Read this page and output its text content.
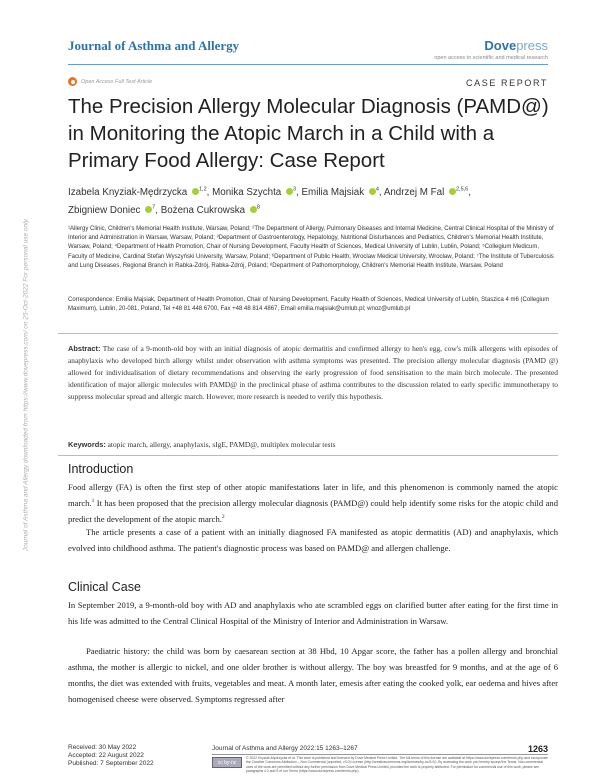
Journal of Asthma and Allergy	Dovepress
open access to scientific and medical research
Open Access Full Text Article	CASE REPORT
The Precision Allergy Molecular Diagnosis (PAMD@) in Monitoring the Atopic March in a Child with a Primary Food Allergy: Case Report
Izabela Knyziak-Mędrzycka $^{1,2}$, Monika Szychta $^3$, Emilia Majsiak $^4$, Andrzej M Fal $^{2,5,6}$,
Zbigniew Doniec $^7$, Bożena Cukrowska $^8$
¹Allergy Clinic, Children's Memorial Health Institute, Warsaw, Poland; ²The Department of Allergy, Pulmonary Diseases and Internal Medicine, Central Clinical Hospital of the Ministry of Interior and Administration in Warsaw, Warsaw, Poland; ³Department of Gastroenterology, Hepatology, Nutritional Disturbances and Pediatrics, Children's Memorial Health Institute, Warsaw, Poland; ⁴Department of Health Promotion, Chair of Nursing Development, Faculty Health of Sciences, Medical University of Lublin, Lublin, Poland; ⁵Collegium Medicum, Faculty of Medicine, Cardinal Stefan Wyszyński University, Warsaw, Poland; ⁶Department of Public Health, Wroclaw Medical University, Wrocław, Poland; ⁷The Institute of Tuberculosis and Lung Diseases, Regional Branch in Rabka-Zdrój, Rabka-Zdrój, Poland; ⁸Department of Pathomorphology, Children's Memorial Health Institute, Warsaw, Poland
Correspondence: Emilia Majsiak, Department of Health Promotion, Chair of Nursing Development, Faculty Health of Sciences, Medical University of Lublin, Staszica 4 m6 (Collegium Maximum), Lublin, 20-081, Poland, Tel +48 81 448 6700, Fax +48 48 814 4867, Email emilia.majsiak@umlub.pl; wnoz@umlub.pl
Abstract: The case of a 9-month-old boy with an initial diagnosis of atopic dermatitis and confirmed allergy to hen's egg, cow's milk allergens with episodes of anaphylaxis who developed birch allergy whilst under observation with asthma symptoms was presented. The precision allergy molecular diagnosis (PAMD @) allowed for individualisation of dietary recommendations and observing the early progression of food sensitisation to the main birch molecule. The presented identification of major allergic molecules with PAMD@ in the preclinical phase of asthma contributes to the discussion related to early specific immunotherapy to suppress molecular spread and allergic march. However, more research is needed to verify this hypothesis.
Keywords: atopic march, allergy, anaphylaxis, sIgE, PAMD@, multiplex molecular tests
Introduction

Food allergy (FA) is often the first step of other atopic manifestations later in life, and this phenomenon is commonly named the atopic march.$^1$ It has been proposed that the precision allergy molecular diagnosis (PAMD@) could help identify some risks for the atopic child and predict the development of the atopic march.$^2$

The article presents a case of a patient with an initially diagnosed FA manifested as atopic dermatitis (AD) and anaphylaxis, which evolved into childhood asthma. The patient's diagnostic process was based on PAMD@ and allergen challenge.

Clinical Case

In September 2019, a 9-month-old boy with AD and anaphylaxis who ate scrambled eggs on clarified butter after eating for the first time in his life was admitted to the Central Clinical Hospital of the Ministry of Interior and Administration in Warsaw.

Paediatric history: the child was born by caesarean section at 38 Hbd, 10 Apgar score, the father has a pollen allergy and bronchial asthma, the mother is allergic to nickel, and one older brother is without allergy. The boy was breastfed for 9 months, and at the age of 6 months, the diet was extended with fruits, vegetables and meat. A month later, emesis after eating the cooked yolk, ear oedema and hives after homogenised cheese were observed. Symptoms regressed after

Journal of Asthma and Allergy downloaded from https://www.dovepress.com/ on 25-Oct-2022 For personal use only.
Received: 30 May 2022
Accepted: 22 August 2022
Published: 7 September 2022
Journal of Asthma and Allergy 2022:15 1263–1267	1263
cc by-nc
© 2022 Knyziak-Mędrzycka et al. This work is published and licensed by Dove Medical Press Limited. The full terms of this license are available at https://www.dovepress.com/terms.php and incorporate the Creative Commons Attribution – Non Commercial (unported, v3.0) License (http://creativecommons.org/licenses/by-nc/3.0/). By accessing the work you hereby accept the Terms. Non-commercial uses of the work are permitted without any further permission from Dove Medical Press Limited, provided the work is properly attributed. For permission for commercial use of this work, please see paragraphs 4.2 and 5 of our Terms (https://www.dovepress.com/terms.php).
